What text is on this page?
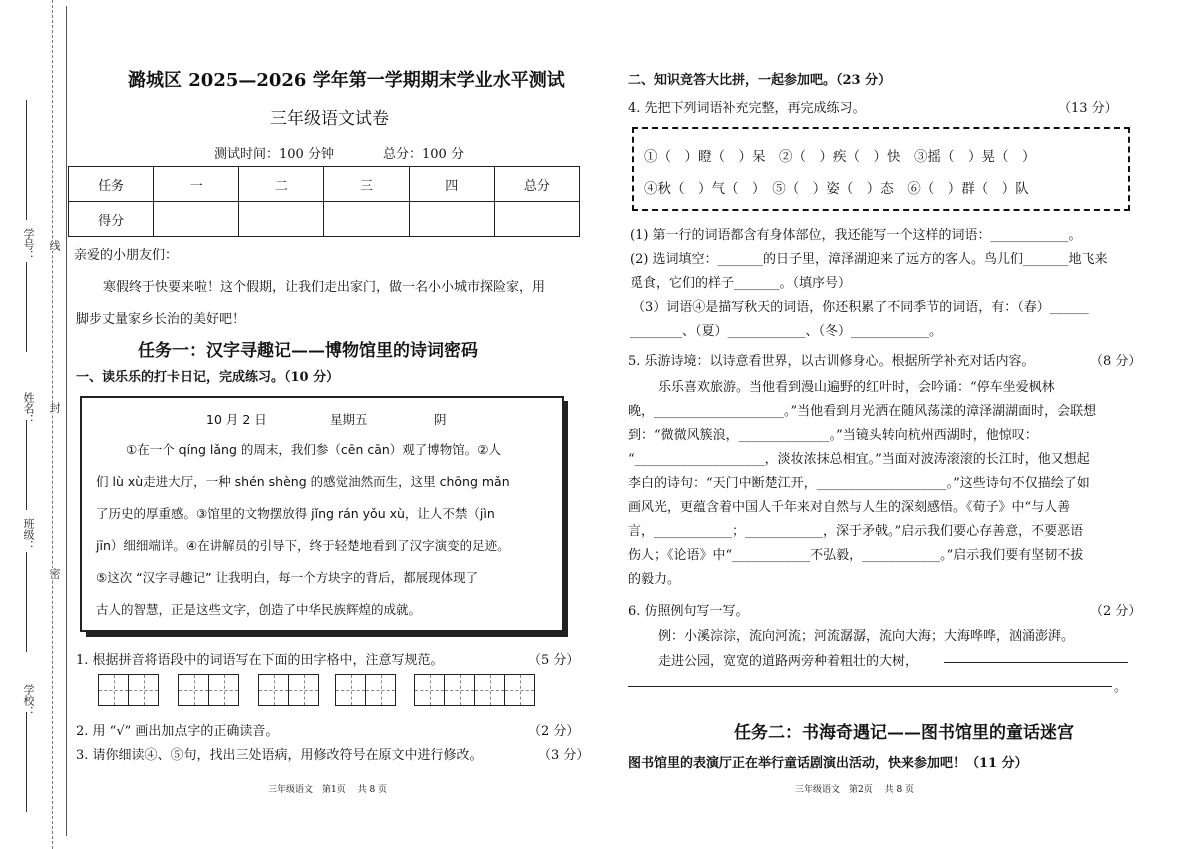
学号：
姓名：
班级：
学校：
线
封
密
潞城区 2025—2026 学年第一学期期末学业水平测试
三年级语文试卷
测试时间：100 分钟	总分：100 分
任务	一	二	三	四	总分
得分					
亲爱的小朋友们：
寒假终于快要来啦！这个假期，让我们走出家门，做一名小小城市探险家，用
脚步丈量家乡长治的美好吧！
任务一：汉字寻趣记——博物馆里的诗词密码
一、读乐乐的打卡日记，完成练习。（10 分）
10 月 2 日	星期五	阴
①在一个 qíng lǎng 的周末，我们参（cēn cān）观了博物馆。②人
们 lù xù走进大厅，一种 shén shèng 的感觉油然而生，这里 chōng mǎn
了历史的厚重感。③馆里的文物摆放得 jǐng rán yǒu xù，让人不禁（jìn
jīn）细细端详。④在讲解员的引导下，终于轻楚地看到了汉字演变的足迹。
⑤这次 “汉字寻趣记” 让我明白，每一个方块字的背后，都展现体现了
古人的智慧，正是这些文字，创造了中华民族辉煌的成就。
1. 根据拼音将语段中的词语写在下面的田字格中，注意写规范。	（5 分）
2. 用 “√” 画出加点字的正确读音。	（2 分）
3. 请你细读④、⑤句，找出三处语病，用修改符号在原文中进行修改。	（3 分）
三年级语文　第1页　 共 8 页
二、知识竞答大比拼，一起参加吧。（23 分）
4. 先把下列词语补充完整，再完成练习。	（13 分）
①（　）瞪（　）呆　②（　）疾（　）快　③摇（　）晃（　）
④秋（　）气（　）　⑤（　）姿（　）态　⑥（　）群（　）队
(1) 第一行的词语都含有身体部位，我还能写一个这样的词语：____________。
(2) 选词填空：_______的日子里，漳泽湖迎来了远方的客人。鸟儿们_______地飞来
觅食，它们的样子_______。（填序号）
（3）词语④是描写秋天的词语，你还积累了不同季节的词语，有：（春）______
________、（夏）____________、（冬）____________。
5. 乐游诗境：以诗意看世界，以古训修身心。根据所学补充对话内容。	（8 分）
乐乐喜欢旅游。当他看到漫山遍野的红叶时，会吟诵：“停车坐爱枫林
晚，____________________。”当他看到月光洒在随风荡漾的漳泽湖湖面时，会联想
到：“微微风簇浪，______________。”当镜头转向杭州西湖时，他惊叹：
“____________________，淡妆浓抹总相宜。”当面对波涛滚滚的长江时，他又想起
李白的诗句：“天门中断楚江开，____________________。”这些诗句不仅描绘了如
画风光，更蕴含着中国人千年来对自然与人生的深刻感悟。《荀子》中“与人善
言，____________；____________，深于矛戟。”启示我们要心存善意，不要恶语
伤人；《论语》中“____________不弘毅，____________。”启示我们要有坚韧不拔
的毅力。
6. 仿照例句写一写。	（2 分）
例：小溪淙淙，流向河流；河流潺潺，流向大海；大海哗哗，汹涌澎湃。
走进公园，宽宽的道路两旁种着粗壮的大树，
。
任务二：书海奇遇记——图书馆里的童话迷宫
图书馆里的表演厅正在举行童话剧演出活动，快来参加吧！（11 分）
三年级语文　第2页　 共 8 页
